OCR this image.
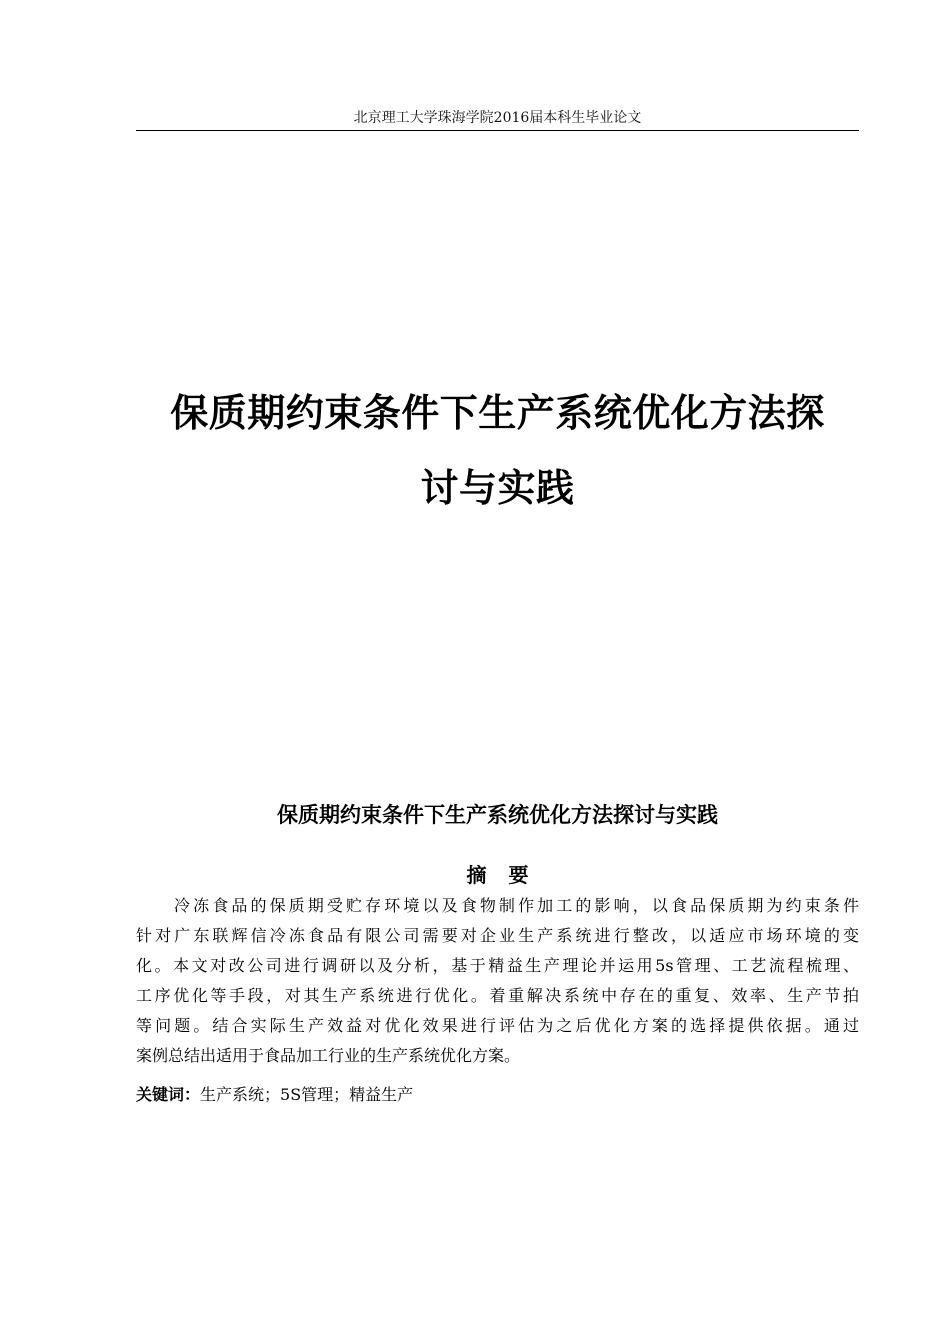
北京理工大学珠海学院2016届本科生毕业论文
保质期约束条件下生产系统优化方法探
讨与实践
保质期约束条件下生产系统优化方法探讨与实践
摘要
冷冻食品的保质期受贮存环境以及食物制作加工的影响，以食品保质期为约束条件
针对广东联辉信冷冻食品有限公司需要对企业生产系统进行整改，以适应市场环境的变
化。本文对改公司进行调研以及分析，基于精益生产理论并运用5s管理、工艺流程梳理、
工序优化等手段，对其生产系统进行优化。着重解决系统中存在的重复、效率、生产节拍
等问题。结合实际生产效益对优化效果进行评估为之后优化方案的选择提供依据。通过
案例总结出适用于食品加工行业的生产系统优化方案。
关键词：生产系统；5S管理；精益生产
